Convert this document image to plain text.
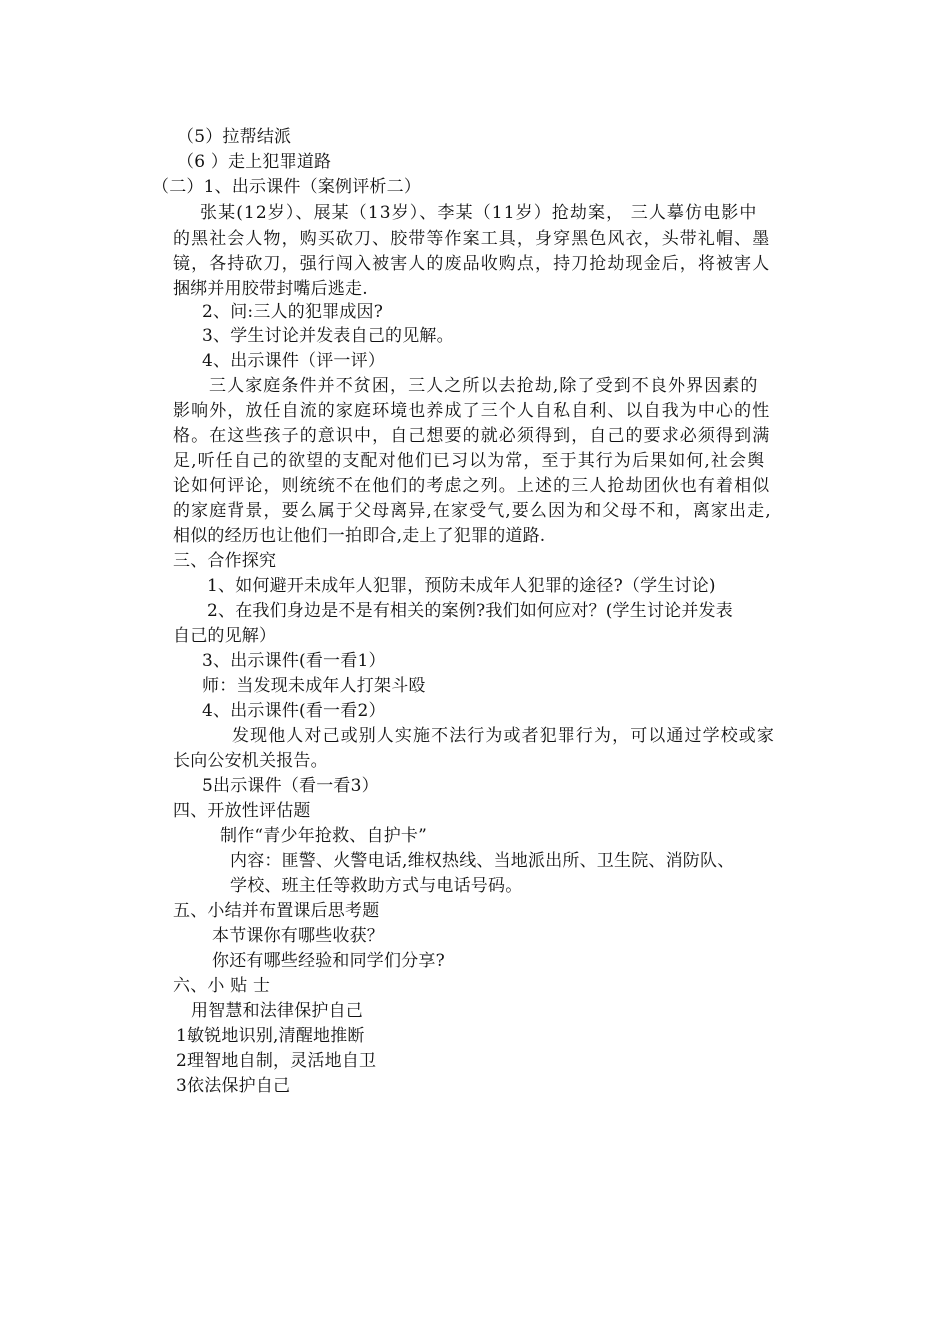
（5）拉帮结派
（6 ）走上犯罪道路
（二）1、出示课件（案例评析二）
张某(12岁）、展某（13岁）、李某（11岁）抢劫案， 三人摹仿电影中
的黑社会人物，购买砍刀、胶带等作案工具，身穿黑色风衣，头带礼帽、墨
镜，各持砍刀，强行闯入被害人的废品收购点，持刀抢劫现金后，将被害人
捆绑并用胶带封嘴后逃走.
2、问:三人的犯罪成因?
3、学生讨论并发表自己的见解。
4、出示课件（评一评）
三人家庭条件并不贫困，三人之所以去抢劫,除了受到不良外界因素的
影响外，放任自流的家庭环境也养成了三个人自私自利、以自我为中心的性
格。在这些孩子的意识中，自己想要的就必须得到，自己的要求必须得到满
足,听任自己的欲望的支配对他们已习以为常，至于其行为后果如何,社会舆
论如何评论，则统统不在他们的考虑之列。上述的三人抢劫团伙也有着相似
的家庭背景，要么属于父母离异,在家受气,要么因为和父母不和，离家出走,
相似的经历也让他们一拍即合,走上了犯罪的道路.
三、合作探究
1、如何避开未成年人犯罪，预防未成年人犯罪的途径?（学生讨论)
2、在我们身边是不是有相关的案例?我们如何应对？(学生讨论并发表
自己的见解）
3、出示课件(看一看1）
师：当发现未成年人打架斗殴
4、出示课件(看一看2）
发现他人对己或别人实施不法行为或者犯罪行为，可以通过学校或家
长向公安机关报告。
5出示课件（看一看3）
四、开放性评估题
制作“青少年抢救、自护卡”
内容：匪警、火警电话,维权热线、当地派出所、卫生院、消防队、
学校、班主任等救助方式与电话号码。
五、小结并布置课后思考题
本节课你有哪些收获？
你还有哪些经验和同学们分享?
六、小 贴 士
用智慧和法律保护自己
1敏锐地识别,清醒地推断
2理智地自制，灵活地自卫
3依法保护自己
